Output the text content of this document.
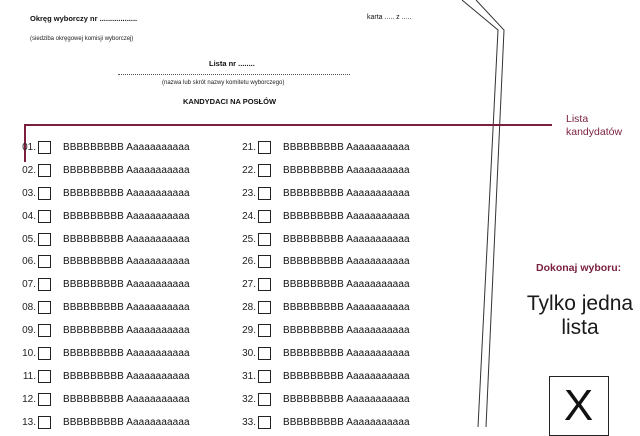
Okręg wyborczy nr ..................
(siedziba okręgowej komisji wyborczej)
karta ..... z .....
Lista nr ........
(nazwa lub skrót nazwy komitetu wyborczego)
KANDYDACI NA POSŁÓW
Lista kandydatów
01.	BBBBBBBBB Aaaaaaaaaaa
02.	BBBBBBBBB Aaaaaaaaaaa
03.	BBBBBBBBB Aaaaaaaaaaa
04.	BBBBBBBBB Aaaaaaaaaaa
05.	BBBBBBBBB Aaaaaaaaaaa
06.	BBBBBBBBB Aaaaaaaaaaa
07.	BBBBBBBBB Aaaaaaaaaaa
08.	BBBBBBBBB Aaaaaaaaaaa
09.	BBBBBBBBB Aaaaaaaaaaa
10.	BBBBBBBBB Aaaaaaaaaaa
11.	BBBBBBBBB Aaaaaaaaaaa
12.	BBBBBBBBB Aaaaaaaaaaa
13.	BBBBBBBBB Aaaaaaaaaaa
21.	BBBBBBBBB Aaaaaaaaaaa
22.	BBBBBBBBB Aaaaaaaaaaa
23.	BBBBBBBBB Aaaaaaaaaaa
24.	BBBBBBBBB Aaaaaaaaaaa
25.	BBBBBBBBB Aaaaaaaaaaa
26.	BBBBBBBBB Aaaaaaaaaaa
27.	BBBBBBBBB Aaaaaaaaaaa
28.	BBBBBBBBB Aaaaaaaaaaa
29.	BBBBBBBBB Aaaaaaaaaaa
30.	BBBBBBBBB Aaaaaaaaaaa
31.	BBBBBBBBB Aaaaaaaaaaa
32.	BBBBBBBBB Aaaaaaaaaaa
33.	BBBBBBBBB Aaaaaaaaaaa
Dokonaj wyboru:
Tylko jedna lista
X
